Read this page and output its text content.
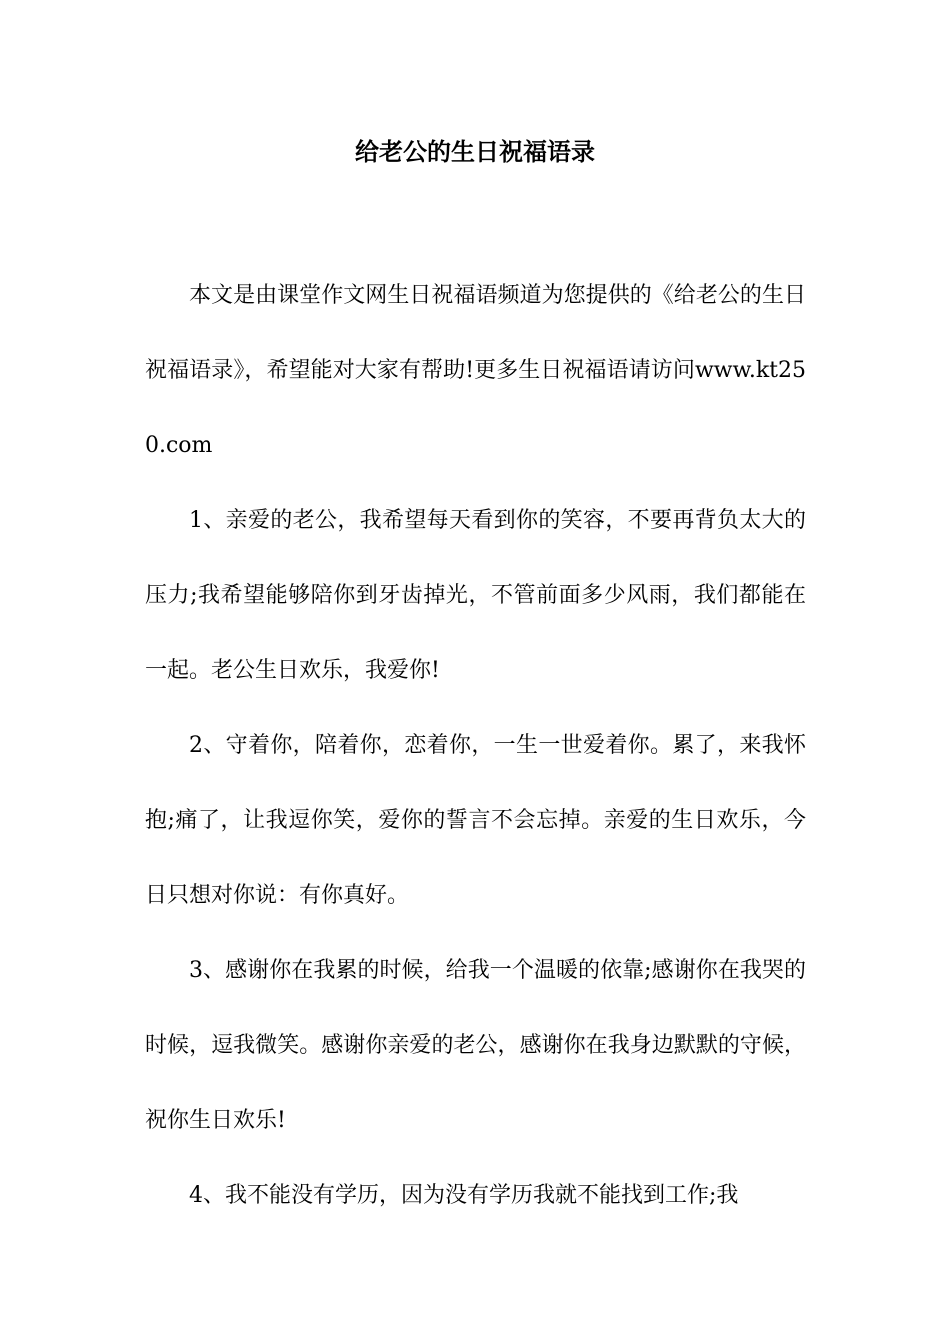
给老公的生日祝福语录

本文是由课堂作文网生日祝福语频道为您提供的《给老公的生日祝福语录》，希望能对大家有帮助!更多生日祝福语请访问www.kt250.com

1、亲爱的老公，我希望每天看到你的笑容，不要再背负太大的压力;我希望能够陪你到牙齿掉光，不管前面多少风雨，我们都能在一起。老公生日欢乐，我爱你!

2、守着你，陪着你，恋着你，一生一世爱着你。累了，来我怀抱;痛了，让我逗你笑，爱你的誓言不会忘掉。亲爱的生日欢乐，今日只想对你说：有你真好。

3、感谢你在我累的时候，给我一个温暖的依靠;感谢你在我哭的时候，逗我微笑。感谢你亲爱的老公，感谢你在我身边默默的守候，祝你生日欢乐!

4、我不能没有学历，因为没有学历我就不能找到工作;我
